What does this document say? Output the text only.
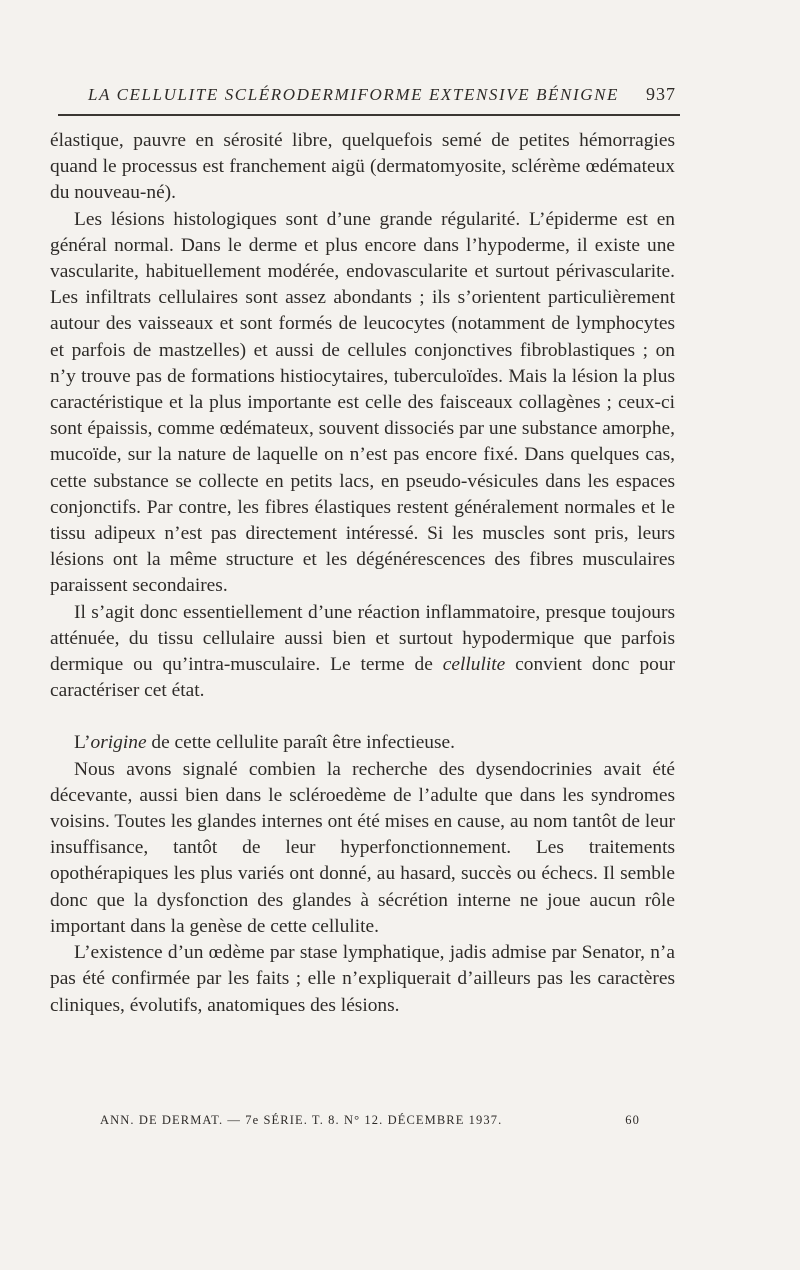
LA CELLULITE SCLÉRODERMIFORME EXTENSIVE BÉNIGNE 937

élastique, pauvre en sérosité libre, quelquefois semé de petites hémorragies quand le processus est franchement aigü (dermatomyosite, sclérème œdémateux du nouveau-né).

Les lésions histologiques sont d’une grande régularité. L’épiderme est en général normal. Dans le derme et plus encore dans l’hypoderme, il existe une vascularite, habituellement modérée, endovascularite et surtout périvascularite. Les infiltrats cellulaires sont assez abondants ; ils s’orientent particulièrement autour des vaisseaux et sont formés de leucocytes (notamment de lymphocytes et parfois de mastzelles) et aussi de cellules conjonctives fibroblastiques ; on n’y trouve pas de formations histiocytaires, tuberculoïdes. Mais la lésion la plus caractéristique et la plus importante est celle des faisceaux collagènes ; ceux-ci sont épaissis, comme œdémateux, souvent dissociés par une substance amorphe, mucoïde, sur la nature de laquelle on n’est pas encore fixé. Dans quelques cas, cette substance se collecte en petits lacs, en pseudo-vésicules dans les espaces conjonctifs. Par contre, les fibres élastiques restent généralement normales et le tissu adipeux n’est pas directement intéressé. Si les muscles sont pris, leurs lésions ont la même structure et les dégénérescences des fibres musculaires paraissent secondaires.

Il s’agit donc essentiellement d’une réaction inflammatoire, presque toujours atténuée, du tissu cellulaire aussi bien et surtout hypodermique que parfois dermique ou qu’intra-musculaire. Le terme de cellulite convient donc pour caractériser cet état.

L’origine de cette cellulite paraît être infectieuse.

Nous avons signalé combien la recherche des dysendocrinies avait été décevante, aussi bien dans le scléroedème de l’adulte que dans les syndromes voisins. Toutes les glandes internes ont été mises en cause, au nom tantôt de leur insuffisance, tantôt de leur hyperfonctionnement. Les traitements opothérapiques les plus variés ont donné, au hasard, succès ou échecs. Il semble donc que la dysfonction des glandes à sécrétion interne ne joue aucun rôle important dans la genèse de cette cellulite.

L’existence d’un œdème par stase lymphatique, jadis admise par Senator, n’a pas été confirmée par les faits ; elle n’expliquerait d’ailleurs pas les caractères cliniques, évolutifs, anatomiques des lésions.

ANN. DE DERMAT. — 7e SÉRIE. T. 8. N° 12. DÉCEMBRE 1937.	60
